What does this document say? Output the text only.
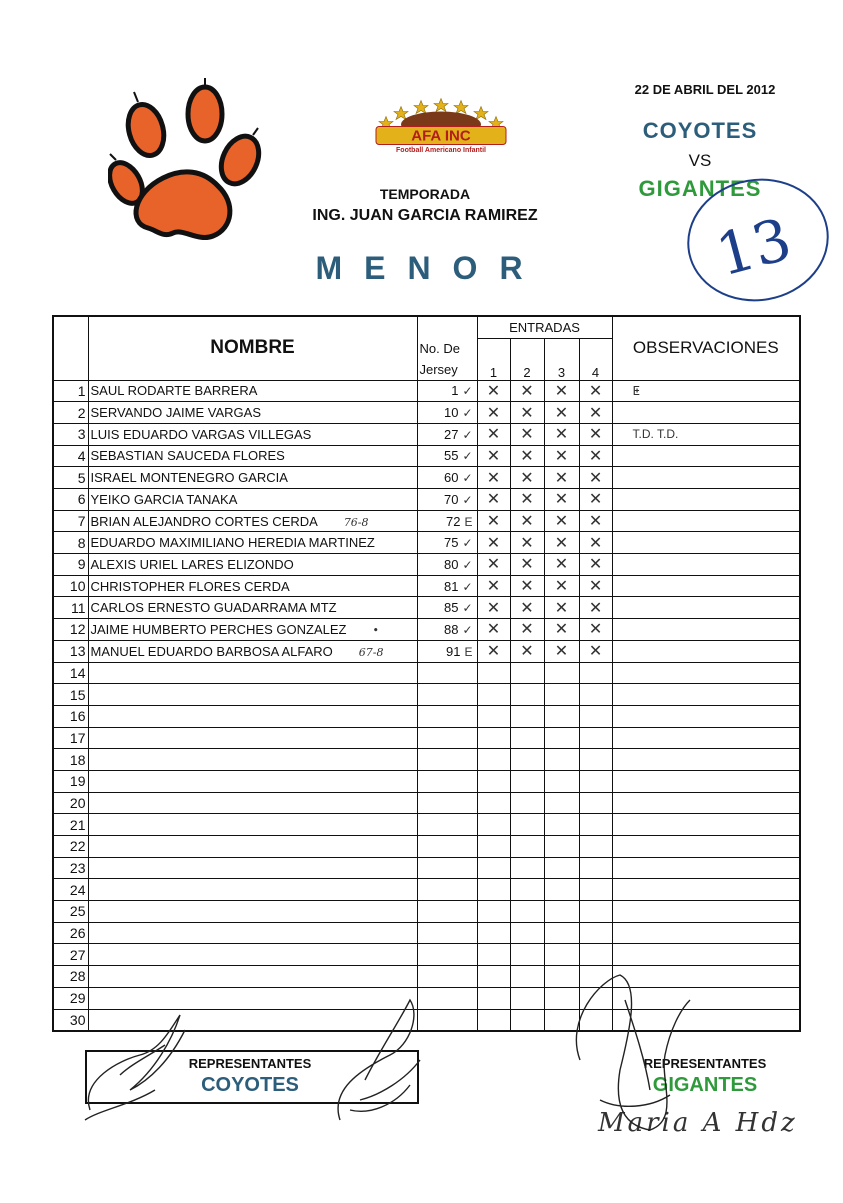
AFA INC
Football Americano Infantil
TEMPORADA
ING. JUAN GARCIA RAMIREZ
MENOR
22 DE ABRIL DEL 2012
COYOTES
VS
GIGANTES
13
	NOMBRE		ENTRADAS				OBSERVACIONES
		No. De	1	2	3	4	
		Jersey					
1	SAUL RODARTE BARRERA	1 ✓	✕	✕	✕	✕	ⵟ
2	SERVANDO JAIME VARGAS	10 ✓	✕	✕	✕	✕	
3	LUIS EDUARDO VARGAS VILLEGAS	27 ✓	✕	✕	✕	✕	T.D. T.D.
4	SEBASTIAN SAUCEDA FLORES	55 ✓	✕	✕	✕	✕	
5	ISRAEL MONTENEGRO GARCIA	60 ✓	✕	✕	✕	✕	
6	YEIKO GARCIA TANAKA	70 ✓	✕	✕	✕	✕	
7	BRIAN ALEJANDRO CORTES CERDA 76-8	72 E	✕	✕	✕	✕	
8	EDUARDO MAXIMILIANO HEREDIA MARTINEZ	75 ✓	✕	✕	✕	✕	
9	ALEXIS URIEL LARES ELIZONDO	80 ✓	✕	✕	✕	✕	
10	CHRISTOPHER FLORES CERDA	81 ✓	✕	✕	✕	✕	
11	CARLOS ERNESTO GUADARRAMA MTZ	85 ✓	✕	✕	✕	✕	
12	JAIME HUMBERTO PERCHES GONZALEZ •	88 ✓	✕	✕	✕	✕	
13	MANUEL EDUARDO BARBOSA ALFARO 67-8	91 E	✕	✕	✕	✕	
14							
15							
16							
17							
18							
19							
20							
21							
22							
23							
24							
25							
26							
27							
28							
29							
30							
REPRESENTANTES
COYOTES
REPRESENTANTES
GIGANTES
Maria A Hdz
